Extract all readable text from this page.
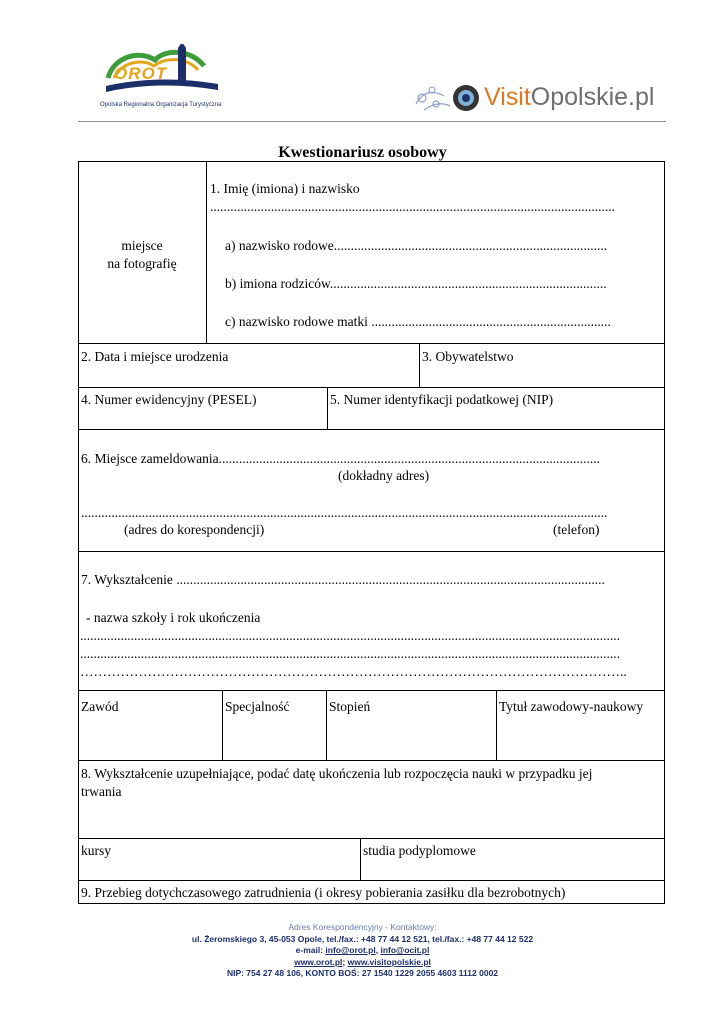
OROT
Opolska Regionalna Organizacja Turystyczna	VisitOpolskie.pl
Kwestionariusz osobowy
miejsce
na fotografię
1. Imię (imiona) i nazwisko
........................................................................................................................
a) nazwisko rodowe.................................................................................
b) imiona rodziców..................................................................................
c) nazwisko rodowe matki .......................................................................
2. Data i miejsce urodzenia	3. Obywatelstwo
4. Numer ewidencyjny (PESEL)	5. Numer identyfikacji podatkowej (NIP)
6. Miejsce zameldowania.................................................................................................................
(dokładny adres)
............................................................................................................................................................
(adres do korespondencji)	(telefon)
7. Wykształcenie ...............................................................................................................................
- nazwa szkoły i rok ukończenia
................................................................................................................................................................
................................................................................................................................................................
…………………………………………………………………………………………………………..
Zawód	Specjalność	Stopień	Tytuł zawodowy-naukowy
8. Wykształcenie uzupełniające, podać datę ukończenia lub rozpoczęcia nauki w przypadku jej
trwania
kursy	studia podyplomowe
9. Przebieg dotychczasowego zatrudnienia (i okresy pobierania zasiłku dla bezrobotnych)
Adres Korespondencyjny - Kontaktowy:
ul. Żeromskiego 3, 45-053 Opole, tel./fax.: +48 77 44 12 521, tel./fax.: +48 77 44 12 522
e-mail: info@orot.pl, info@ocit.pl
www.orot.pl; www.visitopolskie.pl
NIP: 754 27 48 106, KONTO BOŚ: 27 1540 1229 2055 4603 1112 0002
